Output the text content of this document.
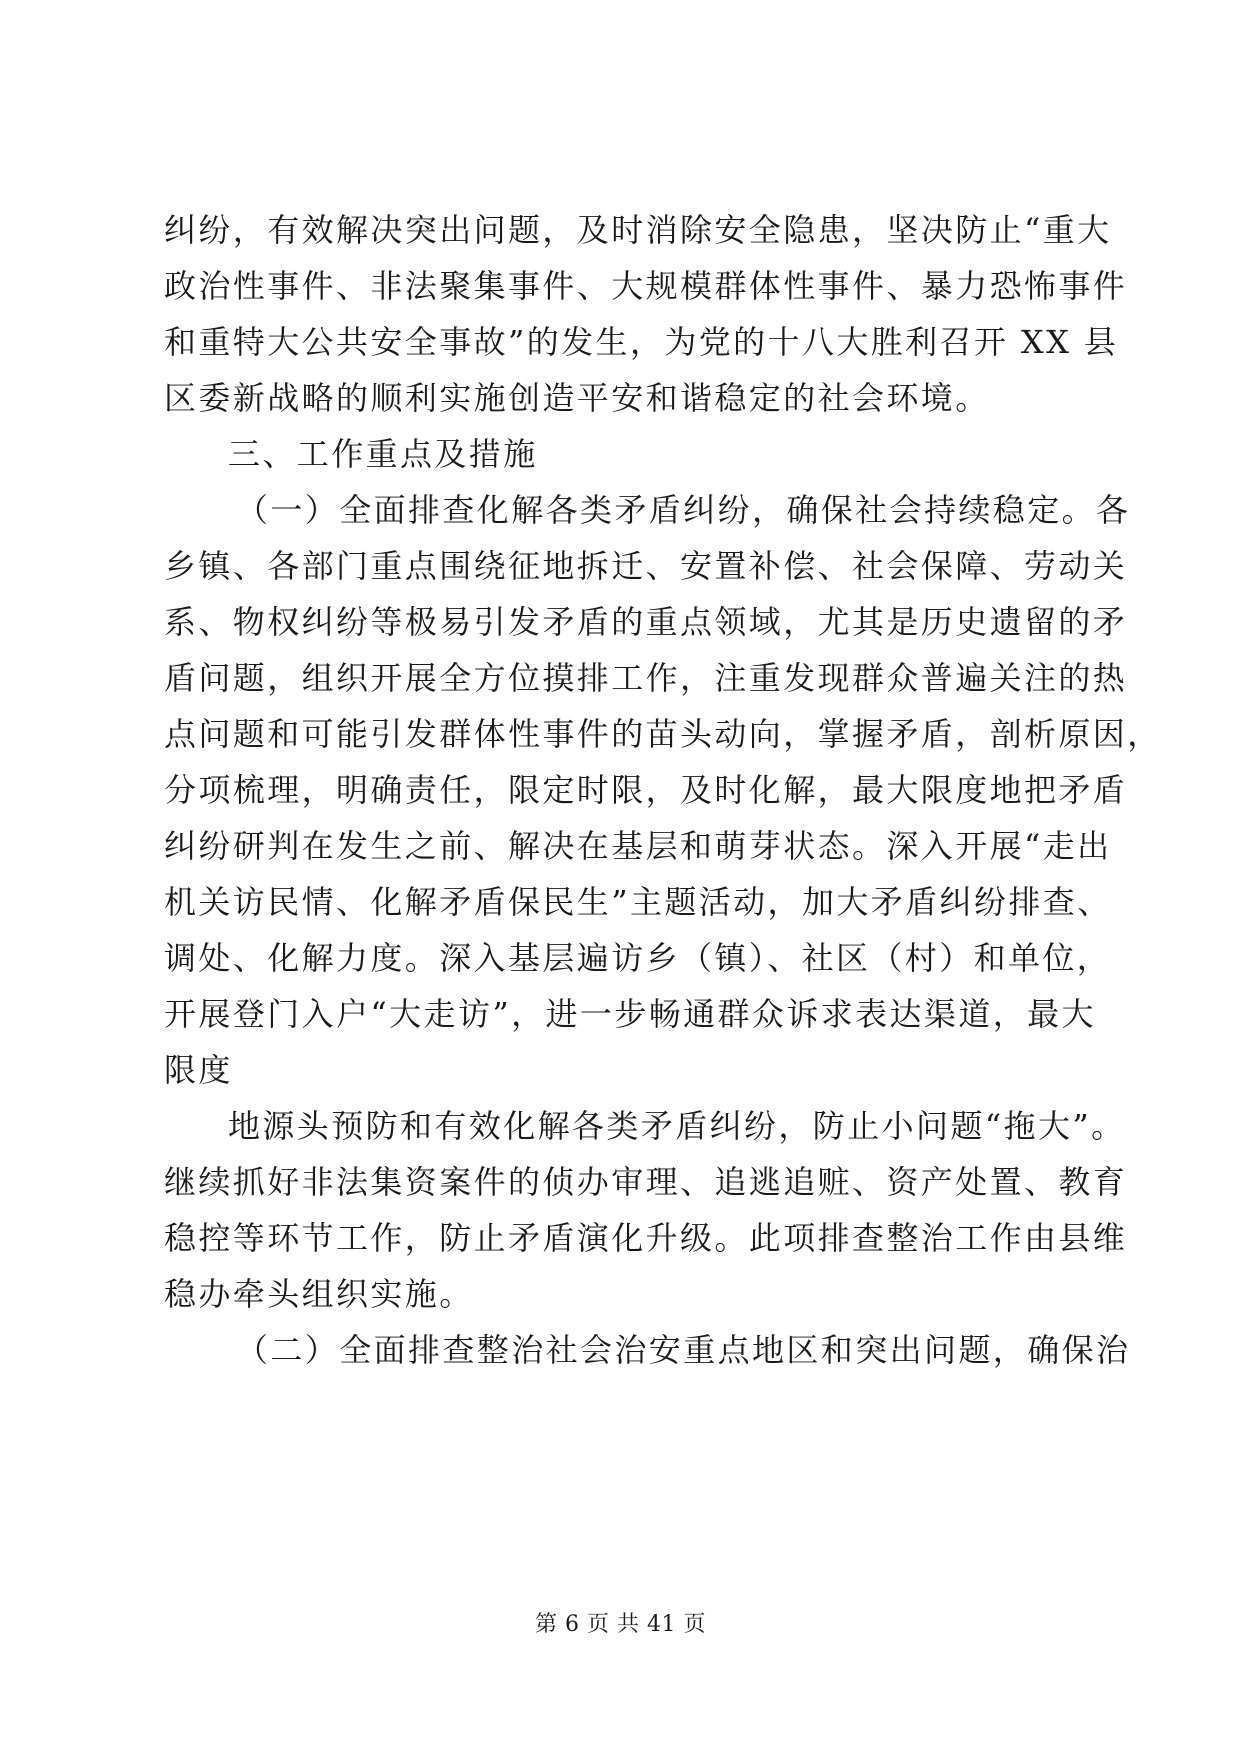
纠纷，有效解决突出问题，及时消除安全隐患，坚决防止“重大
政治性事件、非法聚集事件、大规模群体性事件、暴力恐怖事件
和重特大公共安全事故”的发生，为党的十八大胜利召开 XX 县
区委新战略的顺利实施创造平安和谐稳定的社会环境。
三、工作重点及措施
（一）全面排查化解各类矛盾纠纷，确保社会持续稳定。各
乡镇、各部门重点围绕征地拆迁、安置补偿、社会保障、劳动关
系、物权纠纷等极易引发矛盾的重点领域，尤其是历史遗留的矛
盾问题，组织开展全方位摸排工作，注重发现群众普遍关注的热
点问题和可能引发群体性事件的苗头动向，掌握矛盾，剖析原因，
分项梳理，明确责任，限定时限，及时化解，最大限度地把矛盾
纠纷研判在发生之前、解决在基层和萌芽状态。深入开展“走出
机关访民情、化解矛盾保民生”主题活动，加大矛盾纠纷排查、
调处、化解力度。深入基层遍访乡（镇）、社区（村）和单位，
开展登门入户“大走访”，进一步畅通群众诉求表达渠道，最大
限度
地源头预防和有效化解各类矛盾纠纷，防止小问题“拖大”。
继续抓好非法集资案件的侦办审理、追逃追赃、资产处置、教育
稳控等环节工作，防止矛盾演化升级。此项排查整治工作由县维
稳办牵头组织实施。
（二）全面排查整治社会治安重点地区和突出问题，确保治
第 6 页 共 41 页
